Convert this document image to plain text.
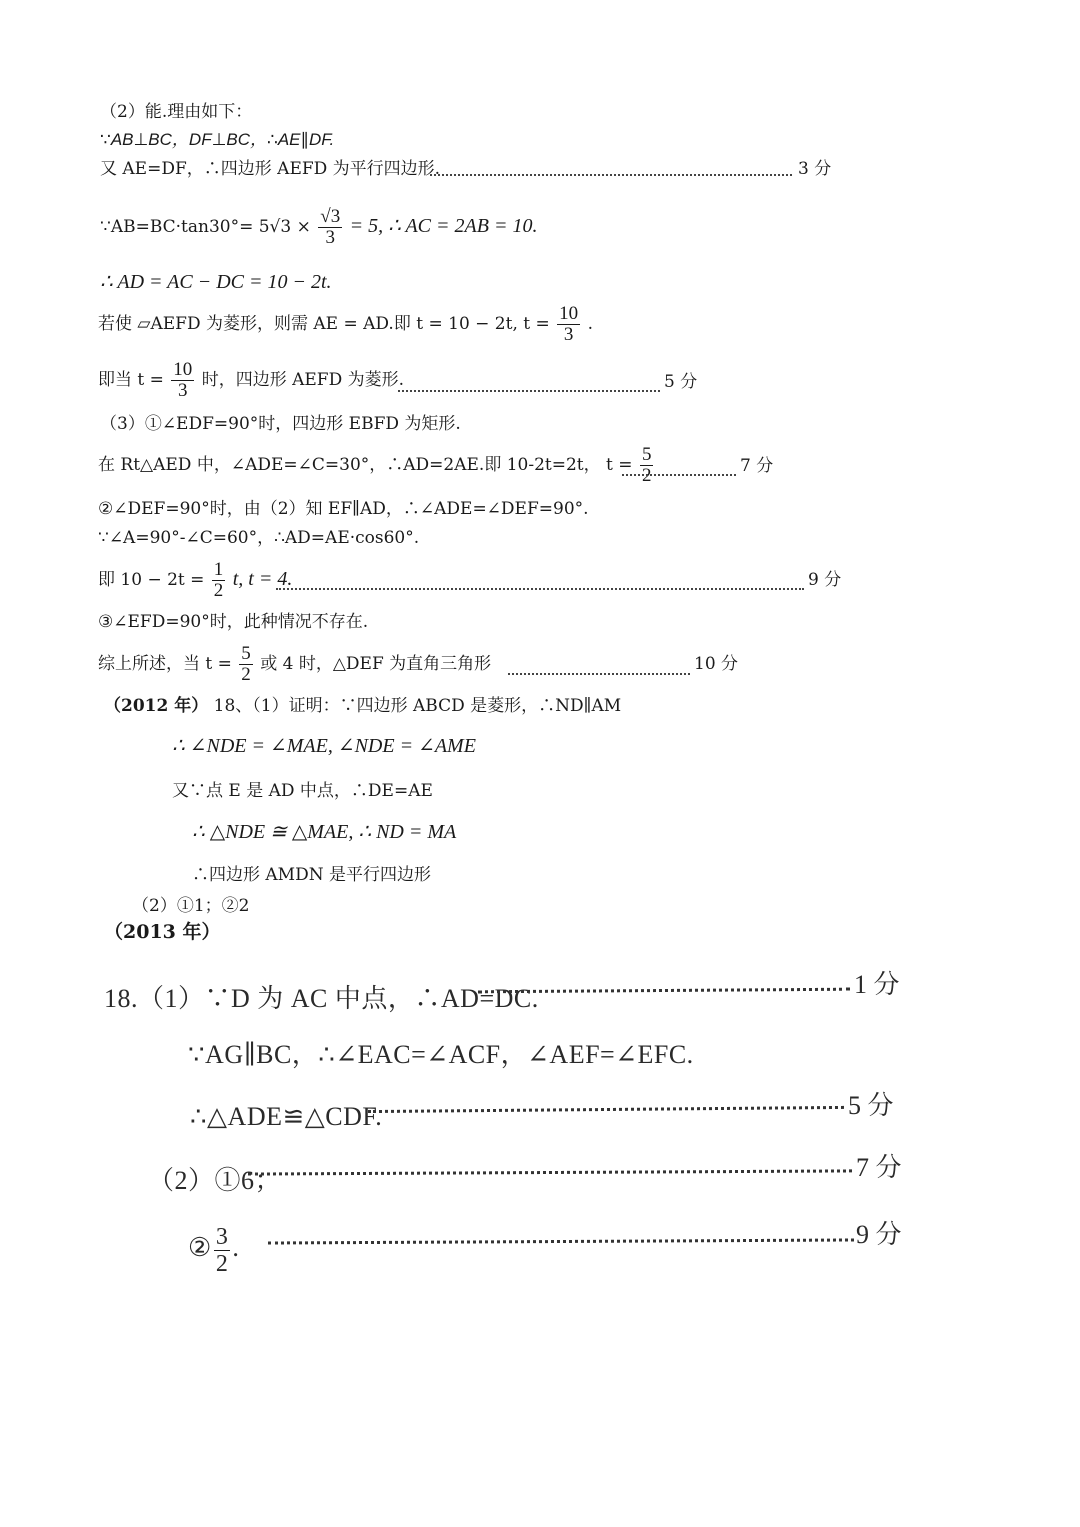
（2）能.理由如下：
∵AB⊥BC，DF⊥BC，∴AE∥DF.
又 AE=DF，∴四边形 AEFD 为平行四边形.	3 分
∵AB=BC·tan30°= $5√3 \times \frac{√3}{3} = 5$, ∴ AC = 2AB = 10.
∴ AD = AC − DC = 10 − 2t.
若使 ▱AEFD 为菱形，则需 AE = AD.即 t = 10 − 2t, $t = \frac{10}{3}$ .
即当 $t = \frac{10}{3}$ 时，四边形 AEFD 为菱形.	5 分
（3）①∠EDF=90°时，四边形 EBFD 为矩形.
在 Rt△AED 中，∠ADE=∠C=30°，∴AD=2AE.即 10-2t=2t， $t = \frac{5}{2}$	7 分
②∠DEF=90°时，由（2）知 EF∥AD，∴∠ADE=∠DEF=90°.
∵∠A=90°-∠C=60°，∴AD=AE·cos60°.
即 $10 - 2t = \frac{1}{2} t$, t = 4.	9 分
③∠EFD=90°时，此种情况不存在.
综上所述，当 $t = \frac{5}{2}$ 或 4 时，△DEF 为直角三角形	10 分
（2012 年） 18、（1）证明：∵四边形 ABCD 是菱形，∴ND∥AM
∴ ∠NDE = ∠MAE, ∠NDE = ∠AME
又∵点 E 是 AD 中点，∴DE=AE
∴ △NDE ≅ △MAE, ∴ ND = MA
∴四边形 AMDN 是平行四边形
（2）①1；②2
（2013 年）
18.（1）∵D 为 AC 中点，∴AD=DC.	1 分
∵AG∥BC，∴∠EAC=∠ACF，∠AEF=∠EFC.
∴△ADE≌△CDF.	5 分
（2）①6；	7 分
② $\frac{3}{2}$ .	9 分
